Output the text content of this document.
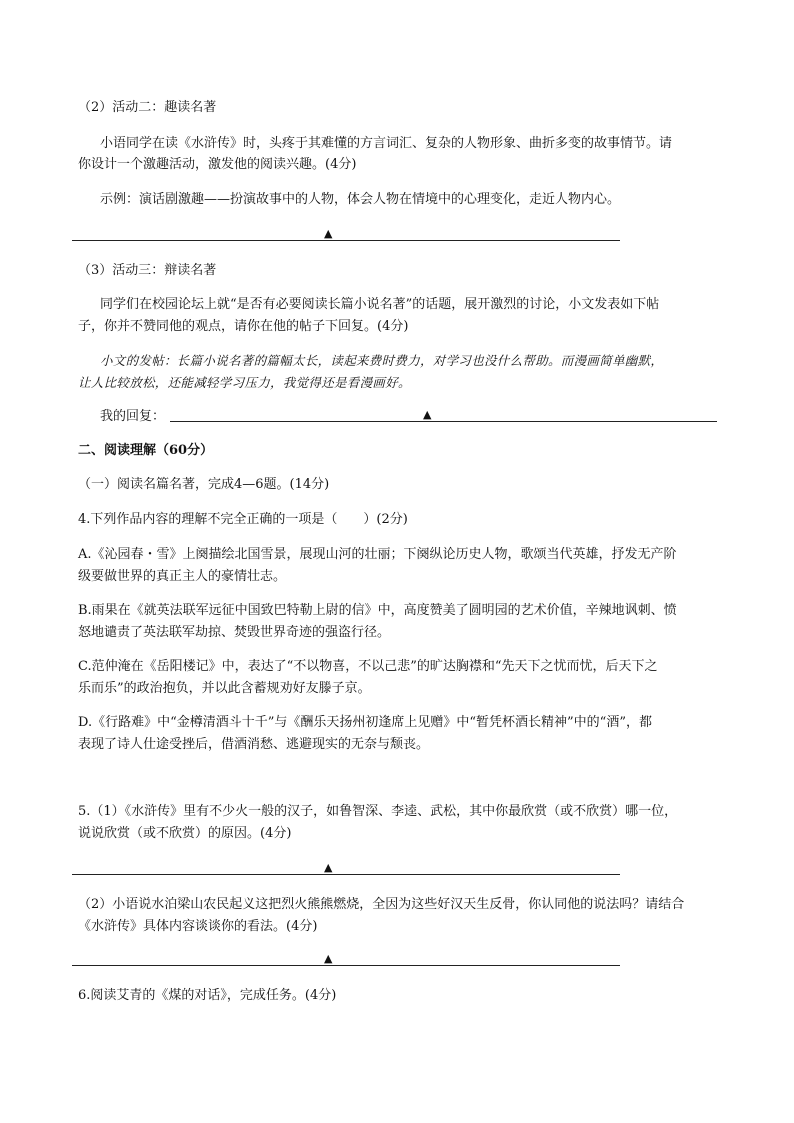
（2）活动二：趣读名著
小语同学在读《水浒传》时，头疼于其难懂的方言词汇、复杂的人物形象、曲折多变的故事情节。请
你设计一个激趣活动，激发他的阅读兴趣。(4分)
示例：演话剧激趣——扮演故事中的人物，体会人物在情境中的心理变化，走近人物内心。
▲
（3）活动三：辩读名著
同学们在校园论坛上就“是否有必要阅读长篇小说名著”的话题，展开激烈的讨论，小文发表如下帖
子，你并不赞同他的观点，请你在他的帖子下回复。(4分)
小文的发帖：长篇小说名著的篇幅太长，读起来费时费力，对学习也没什么帮助。而漫画简单幽默，
让人比较放松，还能减轻学习压力，我觉得还是看漫画好。
我的回复：	▲
二、阅读理解（60分）
（一）阅读名篇名著，完成4—6题。(14分)
4.下列作品内容的理解不完全正确的一项是（　　）(2分)
A.《沁园春・雪》上阕描绘北国雪景，展现山河的壮丽；下阕纵论历史人物，歌颂当代英雄，抒发无产阶
级要做世界的真正主人的豪情壮志。
B.雨果在《就英法联军远征中国致巴特勒上尉的信》中，高度赞美了圆明园的艺术价值，辛辣地讽刺、愤
怒地谴责了英法联军劫掠、焚毁世界奇迹的强盗行径。
C.范仲淹在《岳阳楼记》中，表达了“不以物喜，不以己悲”的旷达胸襟和“先天下之忧而忧，后天下之
乐而乐”的政治抱负，并以此含蓄规劝好友滕子京。
D.《行路难》中“金樽清酒斗十千”与《酬乐天扬州初逢席上见赠》中“暂凭杯酒长精神”中的“酒”，都
表现了诗人仕途受挫后，借酒消愁、逃避现实的无奈与颓丧。
5.（1）《水浒传》里有不少火一般的汉子，如鲁智深、李逵、武松，其中你最欣赏（或不欣赏）哪一位，
说说欣赏（或不欣赏）的原因。(4分)
▲
（2）小语说水泊梁山农民起义这把烈火熊熊燃烧，全因为这些好汉天生反骨，你认同他的说法吗？请结合
《水浒传》具体内容谈谈你的看法。(4分)
▲
6.阅读艾青的《煤的对话》，完成任务。(4分)
